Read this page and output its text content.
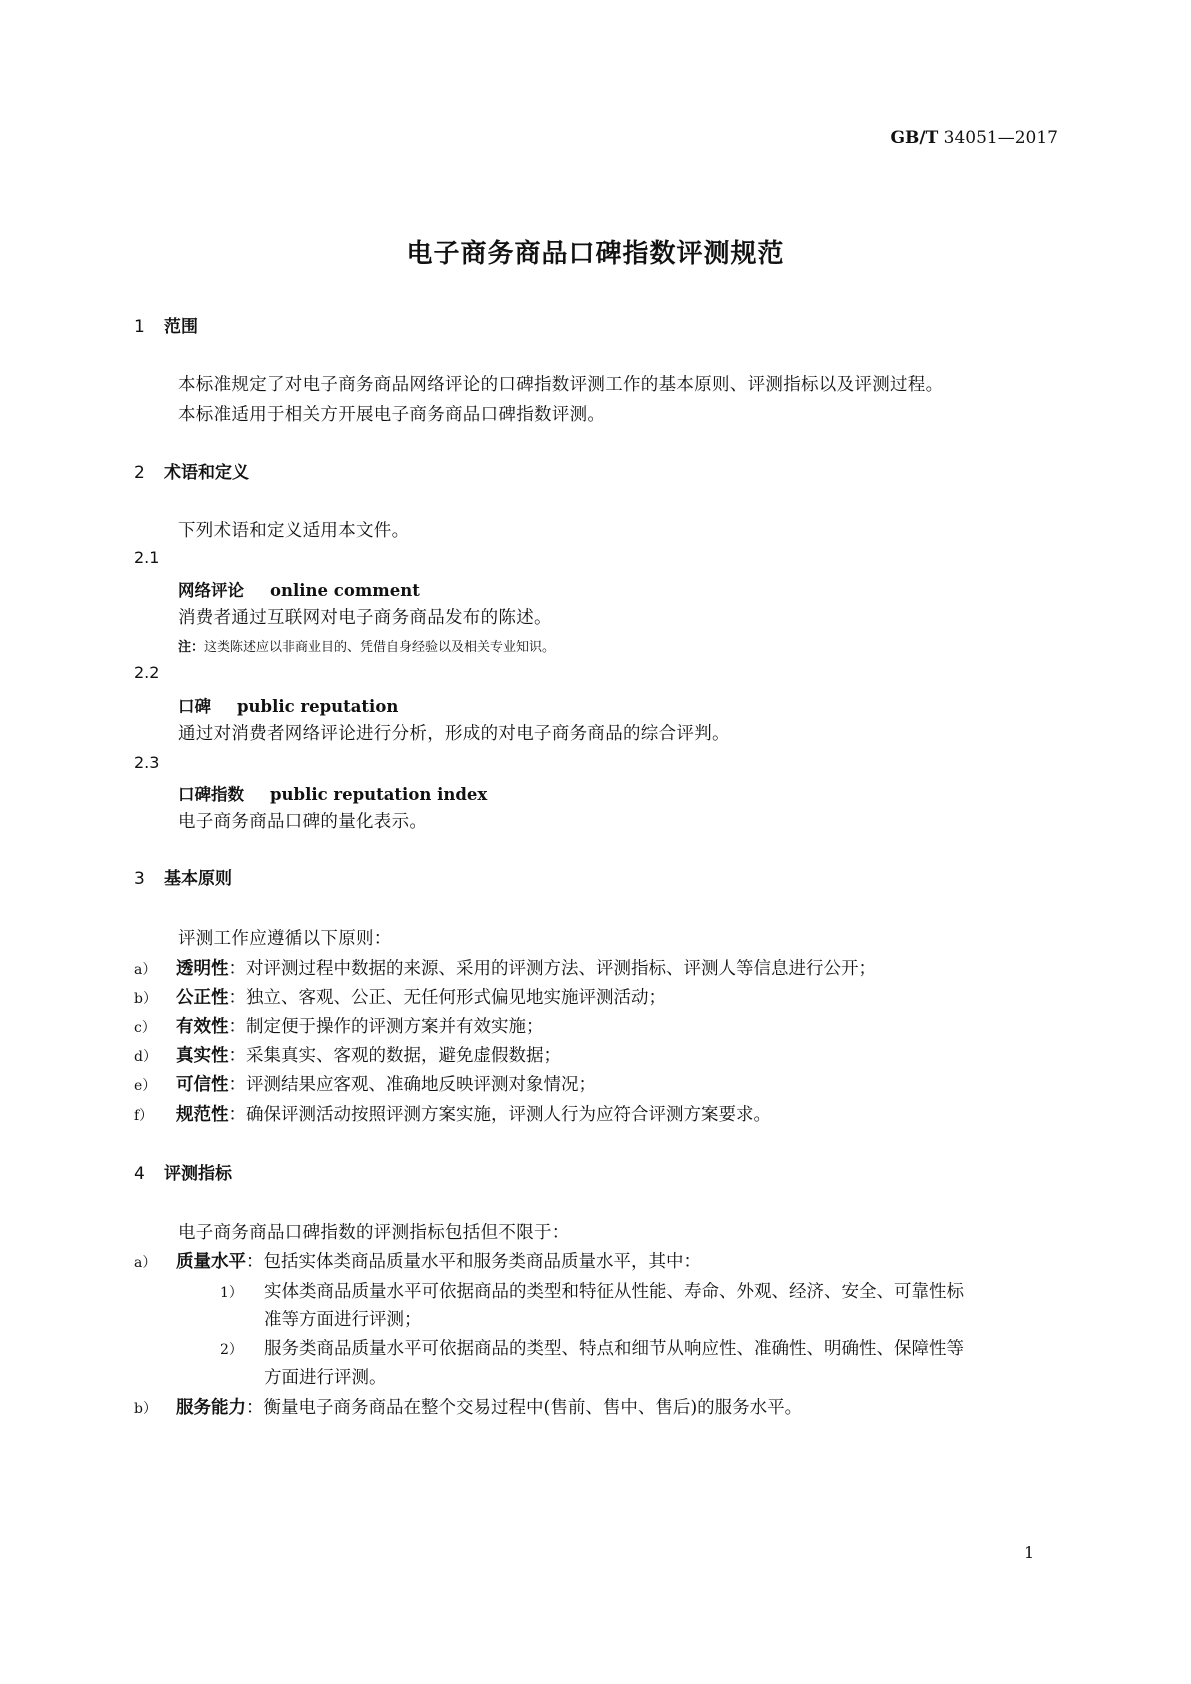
GB/T 34051—2017
电子商务商品口碑指数评测规范
1 范围
本标准规定了对电子商务商品网络评论的口碑指数评测工作的基本原则、评测指标以及评测过程。
本标准适用于相关方开展电子商务商品口碑指数评测。
2 术语和定义
下列术语和定义适用本文件。
2.1
网络评论 online comment
消费者通过互联网对电子商务商品发布的陈述。
注：这类陈述应以非商业目的、凭借自身经验以及相关专业知识。
2.2
口碑 public reputation
通过对消费者网络评论进行分析，形成的对电子商务商品的综合评判。
2.3
口碑指数 public reputation index
电子商务商品口碑的量化表示。
3 基本原则
评测工作应遵循以下原则：
a） 透明性：对评测过程中数据的来源、采用的评测方法、评测指标、评测人等信息进行公开；
b） 公正性：独立、客观、公正、无任何形式偏见地实施评测活动；
c） 有效性：制定便于操作的评测方案并有效实施；
d） 真实性：采集真实、客观的数据，避免虚假数据；
e） 可信性：评测结果应客观、准确地反映评测对象情况；
f） 规范性：确保评测活动按照评测方案实施，评测人行为应符合评测方案要求。
4 评测指标
电子商务商品口碑指数的评测指标包括但不限于：
a） 质量水平：包括实体类商品质量水平和服务类商品质量水平，其中：
1） 实体类商品质量水平可依据商品的类型和特征从性能、寿命、外观、经济、安全、可靠性标
准等方面进行评测；
2） 服务类商品质量水平可依据商品的类型、特点和细节从响应性、准确性、明确性、保障性等
方面进行评测。
b） 服务能力：衡量电子商务商品在整个交易过程中(售前、售中、售后)的服务水平。
1
